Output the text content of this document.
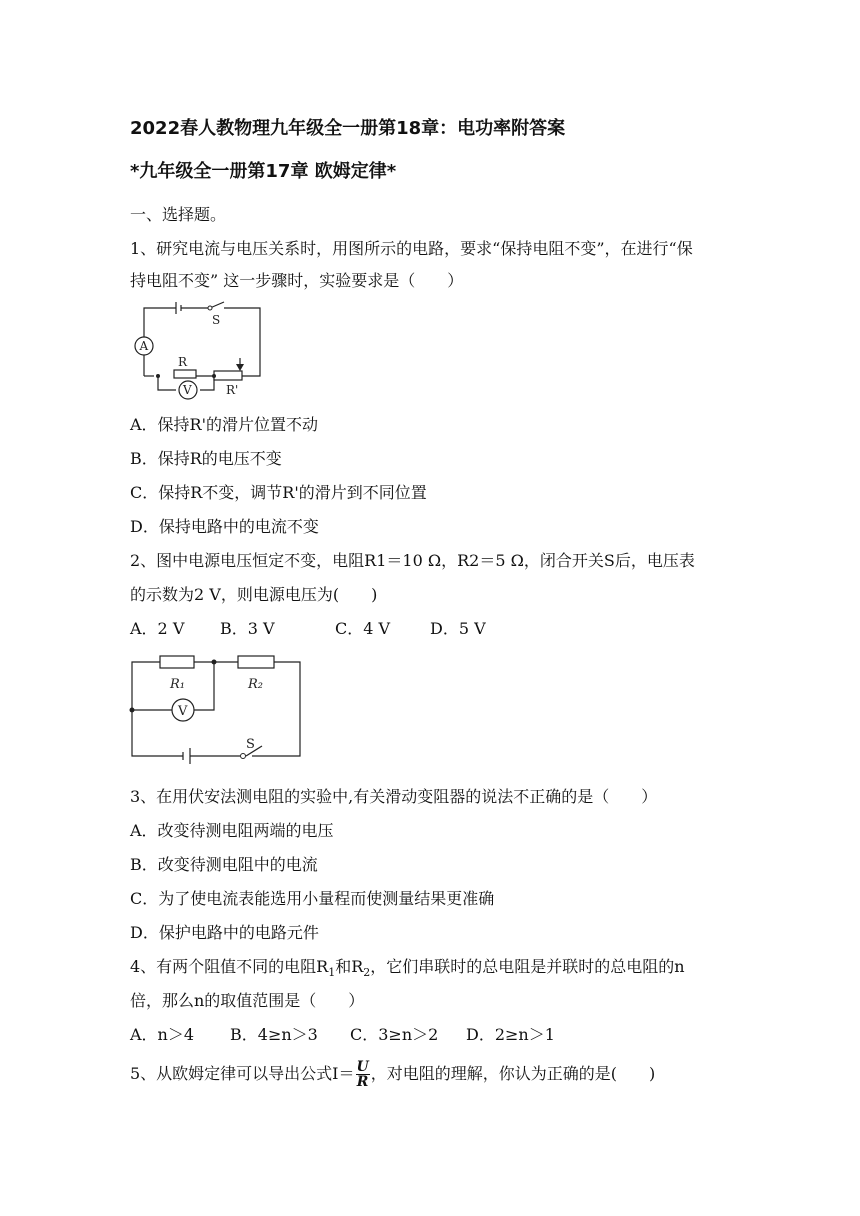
2022春人教物理九年级全一册第18章：电功率附答案
*九年级全一册第17章 欧姆定律*
一、选择题。
1、研究电流与电压关系时，用图所示的电路，要求“保持电阻不变”，在进行“保
持电阻不变” 这一步骤时，实验要求是（　　）
A
V
S
R
R'
A．保持R'的滑片位置不动
B．保持R的电压不变
C．保持R不变，调节R'的滑片到不同位置
D．保持电路中的电流不变
2、图中电源电压恒定不变，电阻R1＝10 Ω，R2＝5 Ω，闭合开关S后，电压表
的示数为2 V，则电源电压为(　　)
A．2 V B．3 V	C．4 V D．5 V
R₁	R₂
V
S
3、在用伏安法测电阻的实验中,有关滑动变阻器的说法不正确的是（　　）
A．改变待测电阻两端的电压
B．改变待测电阻中的电流
C．为了使电流表能选用小量程而使测量结果更准确
D．保护电路中的电路元件
4、有两个阻值不同的电阻$R_1$和$R_2$，它们串联时的总电阻是并联时的总电阻的n
倍，那么n的取值范围是（　　）
A．n＞4 B．4≥n＞3 C．3≥n＞2 D．2≥n＞1
5、从欧姆定律可以导出公式$I= \frac{U}{R}$ ，对电阻的理解，你认为正确的是(　　)
